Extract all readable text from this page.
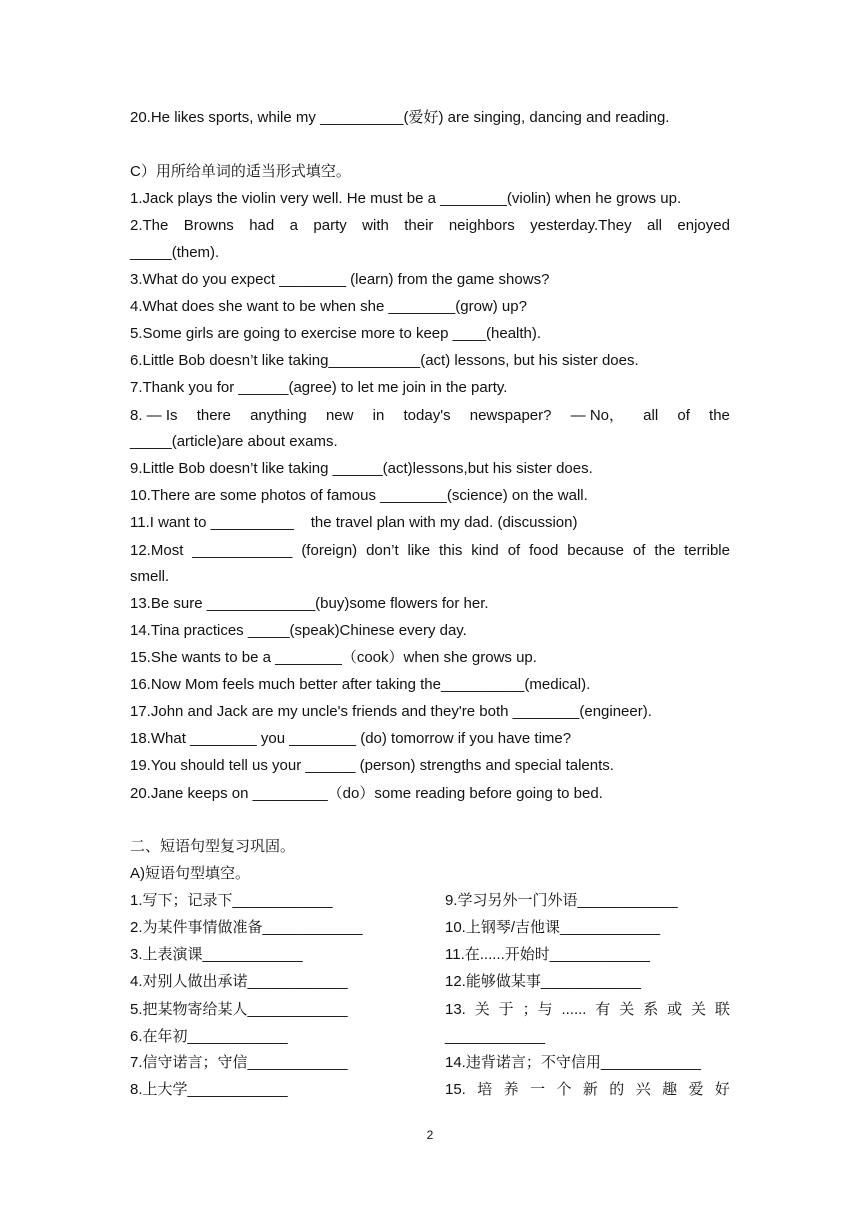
20.He likes sports, while my __________(爱好) are singing, dancing and reading.
C）用所给单词的适当形式填空。
1.Jack plays the violin very well. He must be a ________(violin) when he grows up.
2.The Browns had a party with their neighbors yesterday.They all enjoyed
_____(them).
3.What do you expect ________ (learn) from the game shows?
4.What does she want to be when she ________(grow) up?
5.Some girls are going to exercise more to keep ____(health).
6.Little Bob doesn’t like taking___________(act) lessons, but his sister does.
7.Thank you for ______(agree) to let me join in the party.
8. — Is there anything new in today's newspaper? — No， all of the
_____(article)are about exams.
9.Little Bob doesn’t like taking ______(act)lessons,but his sister does.
10.There are some photos of famous ________(science) on the wall.
11.I want to __________    the travel plan with my dad. (discussion)
12.Most ____________ (foreign) don’t like this kind of food because of the terrible
smell.
13.Be sure _____________(buy)some flowers for her.
14.Tina practices _____(speak)Chinese every day.
15.She wants to be a ________（cook）when she grows up.
16.Now Mom feels much better after taking the__________(medical).
17.John and Jack are my uncle's friends and they're both ________(engineer).
18.What ________ you ________ (do) tomorrow if you have time?
19.You should tell us your ______ (person) strengths and special talents.
20.Jane keeps on _________（do）some reading before going to bed.
二、短语句型复习巩固。
A)短语句型填空。
1.写下；记录下____________
2.为某件事情做准备____________
3.上表演课____________
4.对别人做出承诺____________
5.把某物寄给某人____________
6.在年初____________
7.信守诺言；守信____________
8.上大学____________
9.学习另外一门外语____________
10.上钢琴/吉他课____________
11.在......开始时____________
12.能够做某事____________
13. 关 于 ；与 ...... 有 关 系 或 关 联
____________
14.违背诺言；不守信用____________
15. 培 养 一 个 新 的 兴 趣 爱 好
2
